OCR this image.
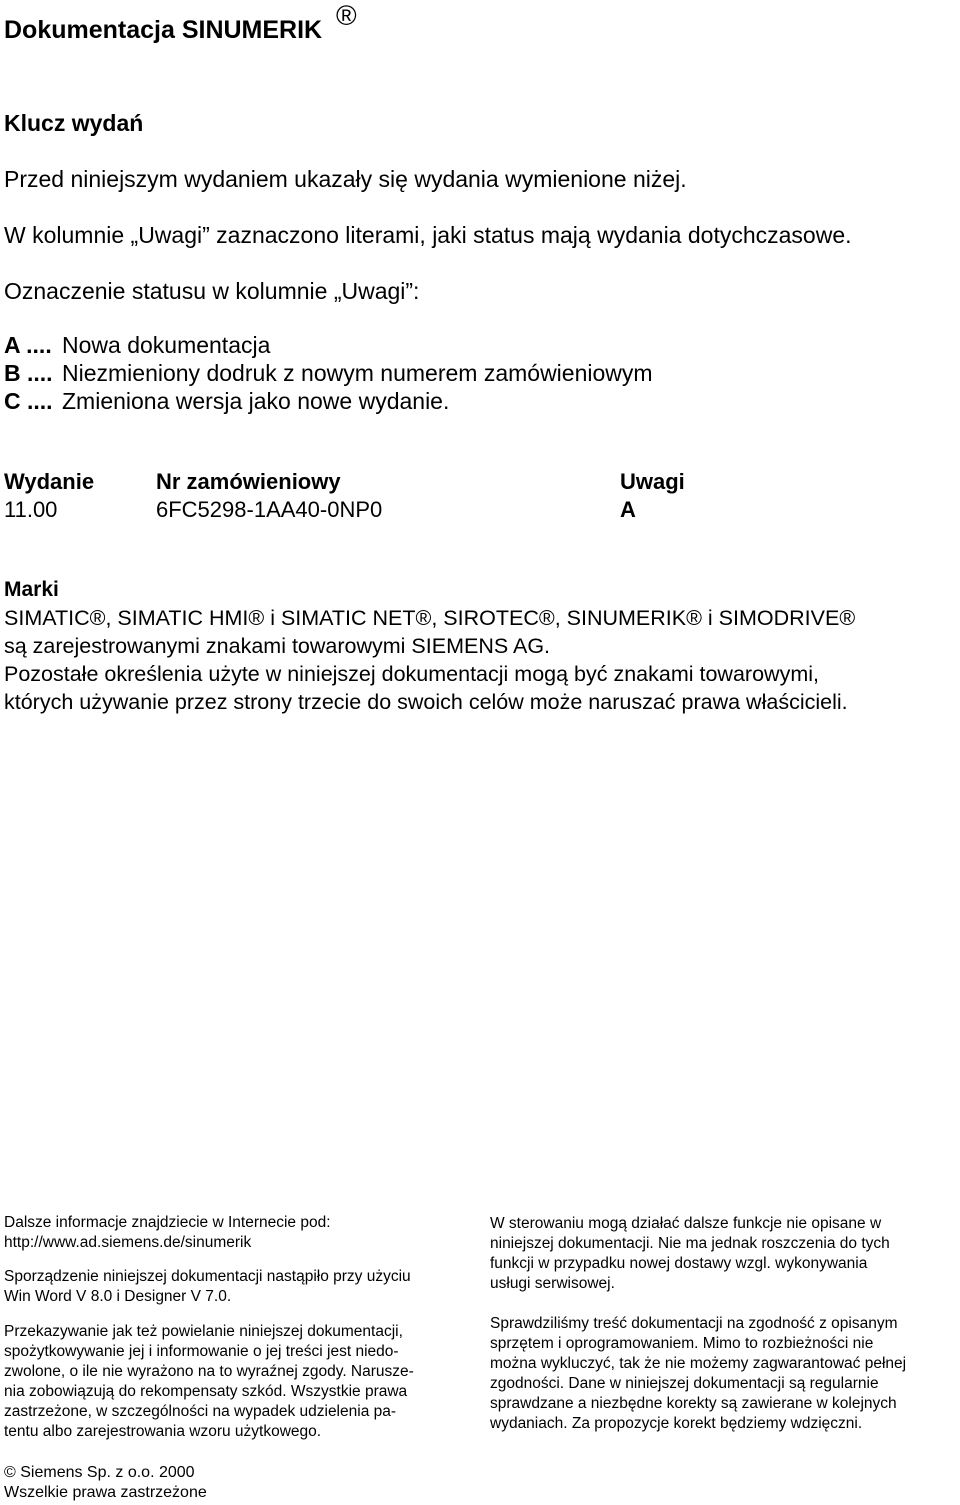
Dokumentacja SINUMERIK ®
Klucz wydań
Przed niniejszym wydaniem ukazały się wydania wymienione niżej.
W kolumnie „Uwagi” zaznaczono literami, jaki status mają wydania dotychczasowe.
Oznaczenie statusu w kolumnie „Uwagi”:
A .... Nowa dokumentacja
B .... Niezmieniony dodruk z nowym numerem zamówieniowym
C .... Zmieniona wersja jako nowe wydanie.
Wydanie	Nr zamówieniowy	Uwagi
11.00	6FC5298-1AA40-0NP0	A
Marki
SIMATIC®, SIMATIC HMI® i SIMATIC NET®, SIROTEC®, SINUMERIK® i SIMODRIVE®
są zarejestrowanymi znakami towarowymi SIEMENS AG.
Pozostałe określenia użyte w niniejszej dokumentacji mogą być znakami towarowymi,
których używanie przez strony trzecie do swoich celów może naruszać prawa właścicieli.
Dalsze informacje znajdziecie w Internecie pod:
http://www.ad.siemens.de/sinumerik
Sporządzenie niniejszej dokumentacji nastąpiło przy użyciu
Win Word V 8.0 i Designer V 7.0.
Przekazywanie jak też powielanie niniejszej dokumentacji,
spożytkowywanie jej i informowanie o jej treści jest niedo-
zwolone, o ile nie wyrażono na to wyraźnej zgody. Narusze-
nia zobowiązują do rekompensaty szkód. Wszystkie prawa
zastrzeżone, w szczególności na wypadek udzielenia pa-
tentu albo zarejestrowania wzoru użytkowego.
W sterowaniu mogą działać dalsze funkcje nie opisane w
niniejszej dokumentacji. Nie ma jednak roszczenia do tych
funkcji w przypadku nowej dostawy wzgl. wykonywania
usługi serwisowej.
Sprawdziliśmy treść dokumentacji na zgodność z opisanym
sprzętem i oprogramowaniem. Mimo to rozbieżności nie
można wykluczyć, tak że nie możemy zagwarantować pełnej
zgodności. Dane w niniejszej dokumentacji są regularnie
sprawdzane a niezbędne korekty są zawierane w kolejnych
wydaniach. Za propozycje korekt będziemy wdzięczni.
© Siemens Sp. z o.o. 2000
Wszelkie prawa zastrzeżone
